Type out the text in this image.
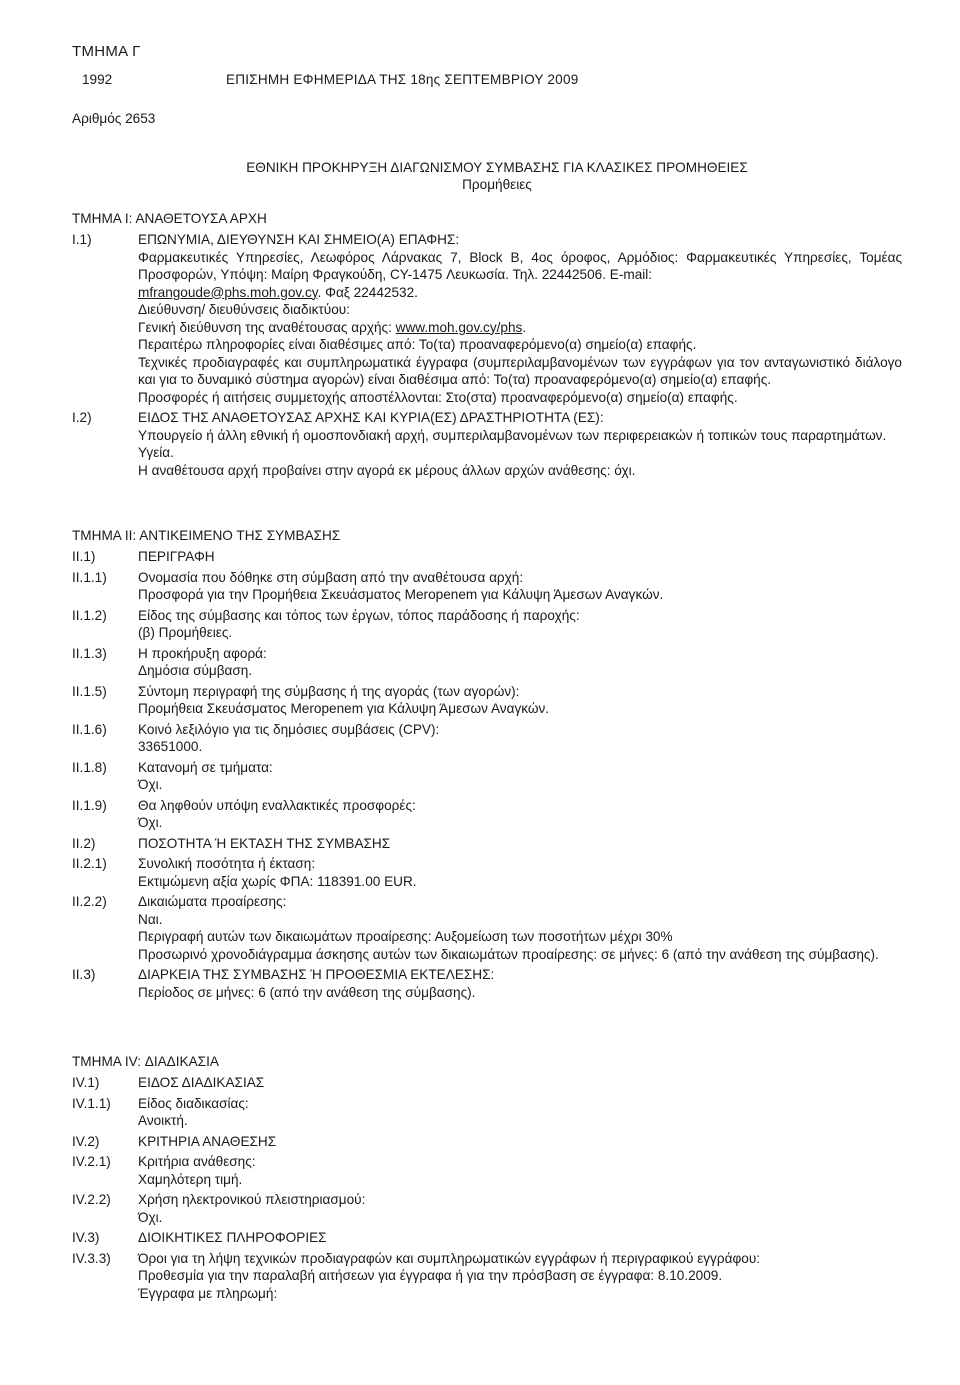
ΤΜΗΜΑ Γ
1992	ΕΠΙΣΗΜΗ ΕΦΗΜΕΡΙΔΑ ΤΗΣ 18ης ΣΕΠΤΕΜΒΡΙΟΥ 2009
Αριθμός 2653
ΕΘΝΙΚΗ ΠΡΟΚΗΡΥΞΗ ΔΙΑΓΩΝΙΣΜΟΥ ΣΥΜΒΑΣΗΣ ΓΙΑ ΚΛΑΣΙΚΕΣ ΠΡΟΜΗΘΕΙΕΣ
Προμήθειες
ΤΜΗΜΑ Ι: ΑΝΑΘΕΤΟΥΣΑ ΑΡΧΗ
Ι.1)	ΕΠΩΝΥΜΙΑ, ΔΙΕΥΘΥΝΣΗ ΚΑΙ ΣΗΜΕΙΟ(Α) ΕΠΑΦΗΣ:

Φαρμακευτικές Υπηρεσίες, Λεωφόρος Λάρνακας 7, Block B, 4ος όροφος, Αρμόδιος: Φαρμακευτικές Υπηρεσίες, Τομέας Προσφορών, Υπόψη: Μαίρη Φραγκούδη, CY-1475 Λευκωσία. Τηλ. 22442506. E-mail:

mfrangoude@phs.moh.gov.cy. Φαξ 22442532.

Διεύθυνση/ διευθύνσεις διαδικτύου:

Γενική διεύθυνση της αναθέτουσας αρχής: www.moh.gov.cy/phs.

Περαιτέρω πληροφορίες είναι διαθέσιμες από: Το(τα) προαναφερόμενο(α) σημείο(α) επαφής.

Τεχνικές προδιαγραφές και συμπληρωματικά έγγραφα (συμπεριλαμβανομένων των εγγράφων για τον ανταγωνιστικό διάλογο και για το δυναμικό σύστημα αγορών) είναι διαθέσιμα από: Το(τα) προαναφερόμενο(α) σημείο(α) επαφής.

Προσφορές ή αιτήσεις συμμετοχής αποστέλλονται: Στο(στα) προαναφερόμενο(α) σημείο(α) επαφής.

Ι.2)	ΕΙΔΟΣ ΤΗΣ ΑΝΑΘΕΤΟΥΣΑΣ ΑΡΧΗΣ ΚΑΙ ΚΥΡΙΑ(ΕΣ) ΔΡΑΣΤΗΡΙΟΤΗΤΑ (ΕΣ):

Υπουργείο ή άλλη εθνική ή ομοσπονδιακή αρχή, συμπεριλαμβανομένων των περιφερειακών ή τοπικών τους παραρτημάτων.

Υγεία.

Η αναθέτουσα αρχή προβαίνει στην αγορά εκ μέρους άλλων αρχών ανάθεσης: όχι.

ΤΜΗΜΑ ΙΙ: ΑΝΤΙΚΕΙΜΕΝΟ ΤΗΣ ΣΥΜΒΑΣΗΣ
ΙΙ.1)	ΠΕΡΙΓΡΑΦΗ

ΙΙ.1.1)	Ονομασία που δόθηκε στη σύμβαση από την αναθέτουσα αρχή:

Προσφορά για την Προμήθεια Σκευάσματος Meropenem για Κάλυψη Άμεσων Αναγκών.

ΙΙ.1.2)	Είδος της σύμβασης και τόπος των έργων, τόπος παράδοσης ή παροχής:

(β) Προμήθειες.

ΙΙ.1.3)	Η προκήρυξη αφορά:

Δημόσια σύμβαση.

ΙΙ.1.5)	Σύντομη περιγραφή της σύμβασης ή της αγοράς (των αγορών):

Προμήθεια Σκευάσματος Meropenem για Κάλυψη Άμεσων Αναγκών.

ΙΙ.1.6)	Κοινό λεξιλόγιο για τις δημόσιες συμβάσεις (CPV):

33651000.

ΙΙ.1.8)	Κατανομή σε τμήματα:

Όχι.

ΙΙ.1.9)	Θα ληφθούν υπόψη εναλλακτικές προσφορές:

Όχι.

ΙΙ.2)	ΠΟΣΟΤΗΤΑ Ή ΕΚΤΑΣΗ ΤΗΣ ΣΥΜΒΑΣΗΣ

ΙΙ.2.1)	Συνολική ποσότητα ή έκταση:

Εκτιμώμενη αξία χωρίς ΦΠΑ: 118391.00 EUR.

ΙΙ.2.2)	Δικαιώματα προαίρεσης:

Ναι.

Περιγραφή αυτών των δικαιωμάτων προαίρεσης: Αυξομείωση των ποσοτήτων μέχρι 30%

Προσωρινό χρονοδιάγραμμα άσκησης αυτών των δικαιωμάτων προαίρεσης: σε μήνες: 6 (από την ανάθεση της σύμβασης).

ΙΙ.3)	ΔΙΑΡΚΕΙΑ ΤΗΣ ΣΥΜΒΑΣΗΣ Ή ΠΡΟΘΕΣΜΙΑ ΕΚΤΕΛΕΣΗΣ:

Περίοδος σε μήνες: 6 (από την ανάθεση της σύμβασης).

ΤΜΗΜΑ ΙV: ΔΙΑΔΙΚΑΣΙΑ
IV.1)	ΕΙΔΟΣ ΔΙΑΔΙΚΑΣΙΑΣ

IV.1.1)	Είδος διαδικασίας:

Ανοικτή.

IV.2)	ΚΡΙΤΗΡΙΑ ΑΝΑΘΕΣΗΣ

IV.2.1)	Κριτήρια ανάθεσης:

Χαμηλότερη τιμή.

IV.2.2)	Χρήση ηλεκτρονικού πλειστηριασμού:

Όχι.

IV.3)	ΔΙΟΙΚΗΤΙΚΕΣ ΠΛΗΡΟΦΟΡΙΕΣ

IV.3.3)	Όροι για τη λήψη τεχνικών προδιαγραφών και συμπληρωματικών εγγράφων ή περιγραφικού εγγράφου:

Προθεσμία για την παραλαβή αιτήσεων για έγγραφα ή για την πρόσβαση σε έγγραφα: 8.10.2009.

Έγγραφα με πληρωμή:
